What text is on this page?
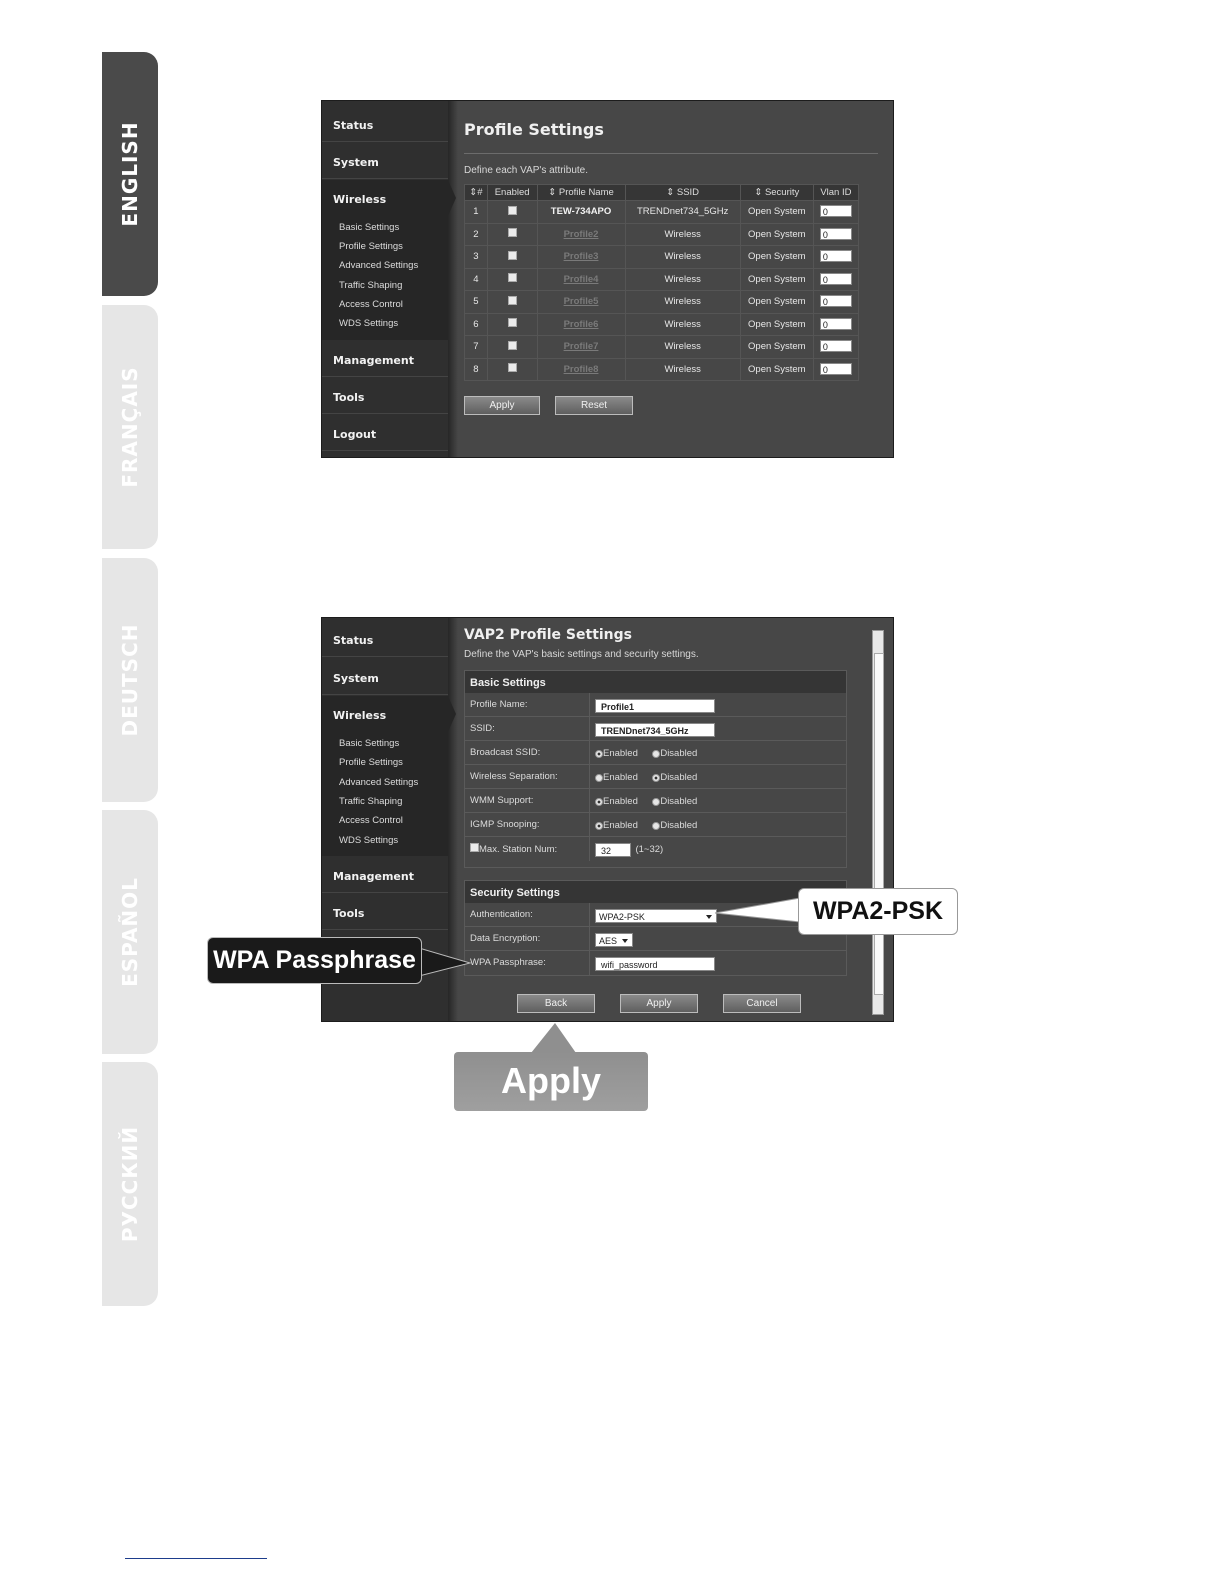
ENGLISH
FRANÇAIS
DEUTSCH
ESPAÑOL
РУССКИЙ
Status
System
Wireless
Basic Settings
Profile Settings
Advanced Settings
Traffic Shaping
Access Control
WDS Settings
Management
Tools
Logout
Profile Settings
Define each VAP's attribute.
⇕#	Enabled	⇕ Profile Name	⇕ SSID	⇕ Security	Vlan ID
1		TEW-734APO	TRENDnet734_5GHz	Open System	0
2		Profile2	Wireless	Open System	0
3		Profile3	Wireless	Open System	0
4		Profile4	Wireless	Open System	0
5		Profile5	Wireless	Open System	0
6		Profile6	Wireless	Open System	0
7		Profile7	Wireless	Open System	0
8		Profile8	Wireless	Open System	0
Apply	Reset
Status
System
Wireless
Basic Settings
Profile Settings
Advanced Settings
Traffic Shaping
Access Control
WDS Settings
Management
Tools
VAP2 Profile Settings
Define the VAP's basic settings and security settings.
Basic Settings
Profile Name:	Profile1
SSID:	TRENDnet734_5GHz
Broadcast SSID:	Enabled Disabled
Wireless Separation:	Enabled Disabled
WMM Support:	Enabled Disabled
IGMP Snooping:	Enabled Disabled
Max. Station Num:	32	(1~32)
Security Settings
Authentication:	WPA2-PSK
Data Encryption:	AES
WPA Passphrase:	wifi_password
Back	Apply	Cancel
WPA2-PSK
WPA Passphrase
Apply
